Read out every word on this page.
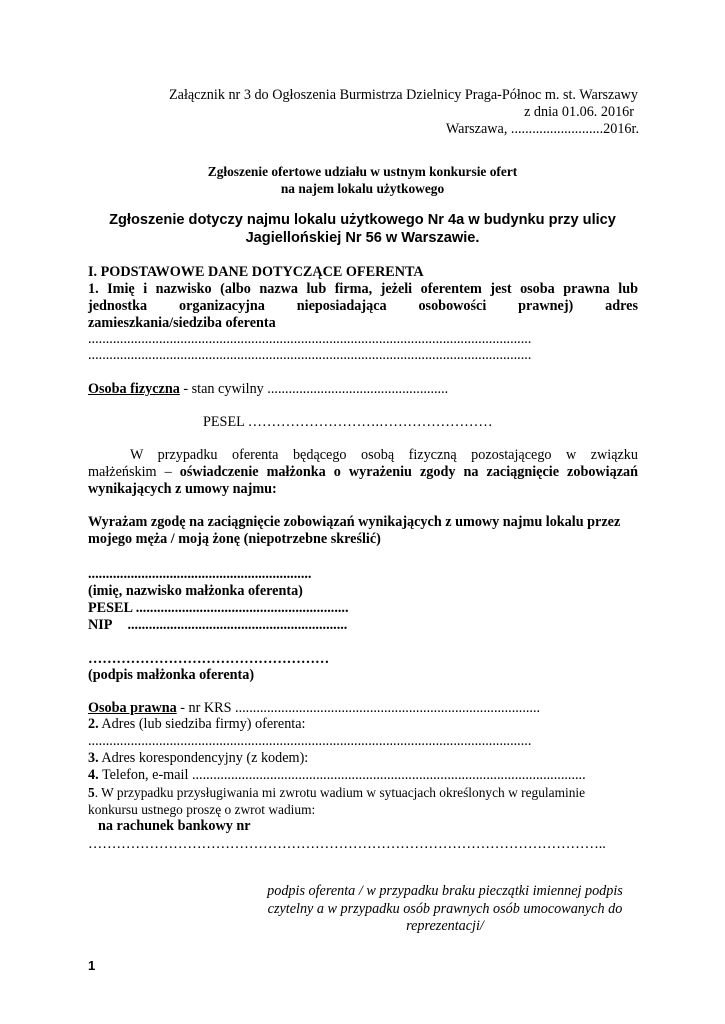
Załącznik nr 3 do Ogłoszenia Burmistrza Dzielnicy Praga-Północ m. st. Warszawy
z dnia 01.06. 2016r
Warszawa, ..........................2016r.
Zgłoszenie ofertowe udziału w ustnym konkursie ofert
na najem lokalu użytkowego
Zgłoszenie dotyczy najmu lokalu użytkowego Nr 4a w budynku przy ulicy
Jagiellońskiej Nr 56 w Warszawie.
I. PODSTAWOWE DANE DOTYCZĄCE OFERENTA
1. Imię i nazwisko (albo nazwa lub firma, jeżeli oferentem jest osoba prawna lub
jednostka organizacyjna nieposiadająca osobowości prawnej) adres
zamieszkania/siedziba oferenta
.............................................................................................................................
.............................................................................................................................
Osoba fizyczna - stan cywilny ...................................................
PESEL ……………………….……………………
W przypadku oferenta będącego osobą fizyczną pozostającego w związku
małżeńskim – oświadczenie małżonka o wyrażeniu zgody na zaciągnięcie zobowiązań
wynikających z umowy najmu:
Wyrażam zgodę na zaciągnięcie zobowiązań wynikających z umowy najmu lokalu przez
mojego męża / moją żonę (niepotrzebne skreślić)
...............................................................
(imię, nazwisko małżonka oferenta)
PESEL ............................................................
NIP ..............................................................
……………………………………………
(podpis małżonka oferenta)
Osoba prawna - nr KRS ......................................................................................
2. Adres (lub siedziba firmy) oferenta:
.............................................................................................................................
3. Adres korespondencyjny (z kodem):
4. Telefon, e-mail ...............................................................................................................
5. W przypadku przysługiwania mi zwrotu wadium w sytuacjach określonych w regulaminie
konkursu ustnego proszę o zwrot wadium:
na rachunek bankowy nr
………………………………………………………………………………………………..
podpis oferenta / w przypadku braku pieczątki imiennej podpis
czytelny a w przypadku osób prawnych osób umocowanych do
reprezentacji/
1
